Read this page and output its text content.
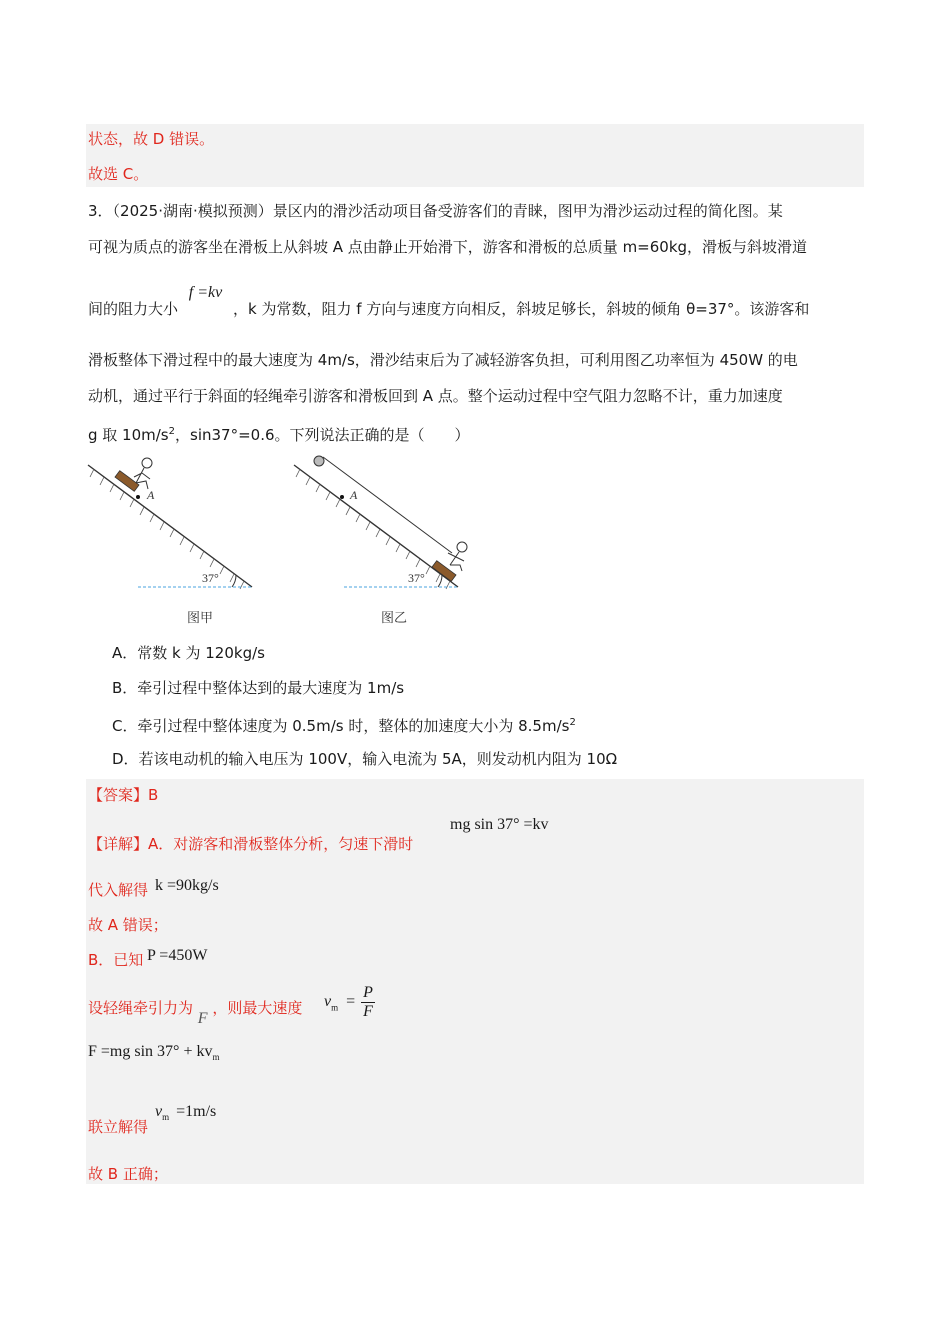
状态，故 D 错误。
故选 C。
3．（2025·湖南·模拟预测）景区内的滑沙活动项目备受游客们的青睐，图甲为滑沙运动过程的简化图。某
可视为质点的游客坐在滑板上从斜坡 A 点由静止开始滑下，游客和滑板的总质量 m=60kg，滑板与斜坡滑道
间的阻力大小 f =kv ，k 为常数，阻力 f 方向与速度方向相反，斜坡足够长，斜坡的倾角 θ=37°。该游客和
滑板整体下滑过程中的最大速度为 4m/s，滑沙结束后为了减轻游客负担，可利用图乙功率恒为 450W 的电
动机，通过平行于斜面的轻绳牵引游客和滑板回到 A 点。整个运动过程中空气阻力忽略不计，重力加速度
g 取 $10m/s^2$，sin37°=0.6。下列说法正确的是（　　）
37°
A
图甲
37°
A
图乙
A．常数 k 为 120kg/s
B．牵引过程中整体达到的最大速度为 1m/s
C．牵引过程中整体速度为 0.5m/s 时，整体的加速度大小为 $8.5m/s^2$
D．若该电动机的输入电压为 100V，输入电流为 5A，则发动机内阻为 10Ω
【答案】B
【详解】A．对游客和滑板整体分析，匀速下滑时
mg sin 37° =kv
代入解得 k =90kg/s
故 A 错误；
B．已知 P =450W
设轻绳牵引力为 F ，则最大速度 $v_m = \frac{P}{F}$
F =mg $\sin 37^\circ + kv_m$
联立解得
$v_m =1m/s$
故 B 正确；
